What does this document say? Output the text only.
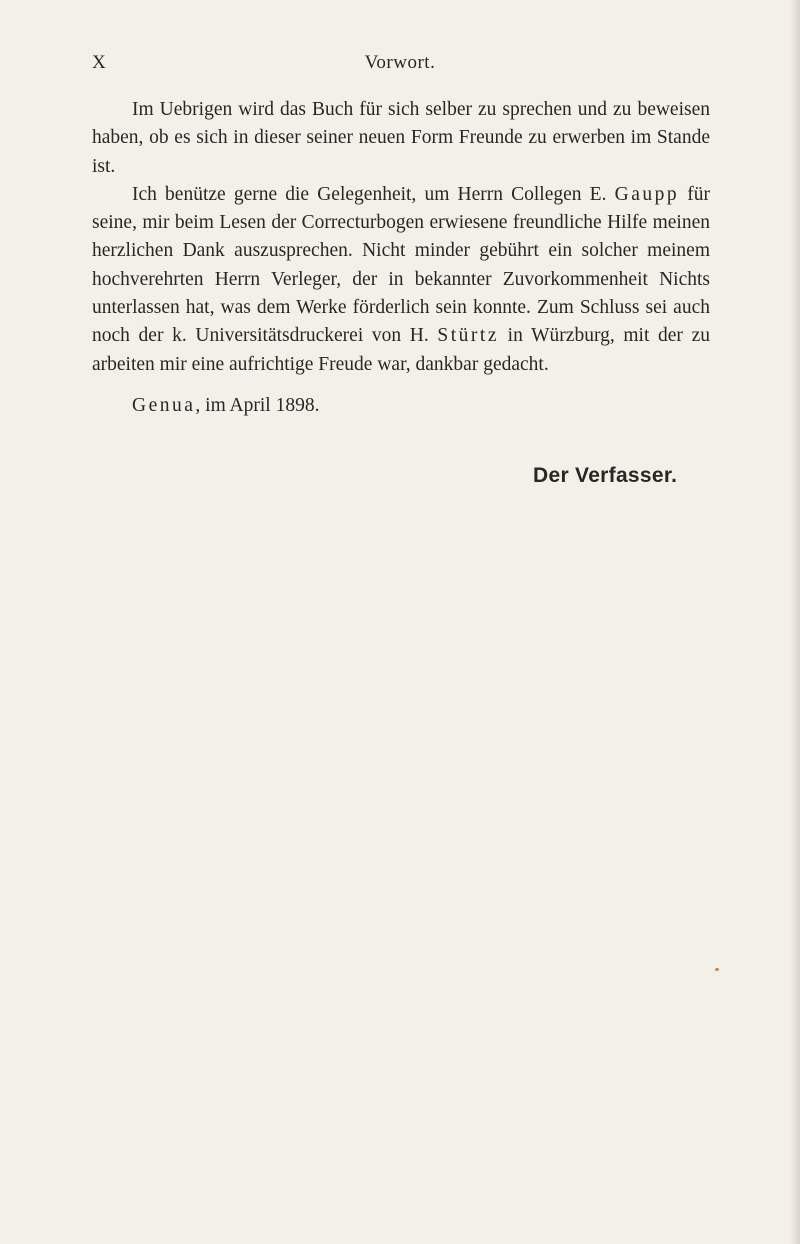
X	Vorwort.

Im Uebrigen wird das Buch für sich selber zu sprechen und zu beweisen haben, ob es sich in dieser seiner neuen Form Freunde zu erwerben im Stande ist.

Ich benütze gerne die Gelegenheit, um Herrn Collegen E. Gaupp für seine, mir beim Lesen der Correcturbogen erwiesene freundliche Hilfe meinen herzlichen Dank auszusprechen. Nicht minder gebührt ein solcher meinem hochverehrten Herrn Verleger, der in bekannter Zuvorkommenheit Nichts unterlassen hat, was dem Werke förderlich sein konnte. Zum Schluss sei auch noch der k. Universitätsdruckerei von H. Stürtz in Würzburg, mit der zu arbeiten mir eine aufrichtige Freude war, dankbar gedacht.

Genua, im April 1898.
Der Verfasser.
